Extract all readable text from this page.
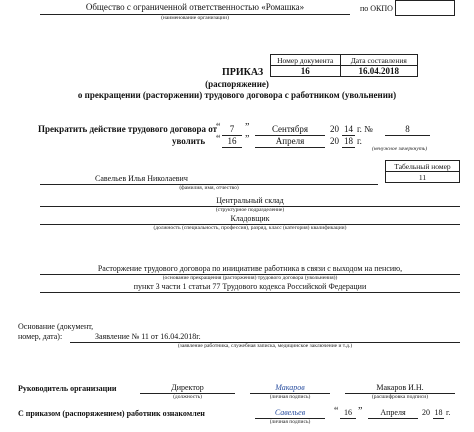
Общество с ограниченной ответственностью «Ромашка»
(наименование организации)
по ОКПО
Номер документа	Дата составления
16	16.04.2018
ПРИКАЗ
(распоряжение)
о прекращении (расторжении) трудового договора с работником (увольнении)
Прекратить действие трудового договора от
“	7	”	Сентября	20 14 г. №	8
уволить “ 16 ”	Апреля	20 18 г.
(ненужное зачеркнуть)
Табельный номер
11
Савельев Илья Николаевич
(фамилия, имя, отчество)
Центральный склад
(структурное подразделение)
Кладовщик
(должность (специальность, профессия), разряд, класс (категория) квалификации)
Расторжение трудового договора по инициативе работника в связи с выходом на пенсию,
(основание прекращения (расторжения) трудового договора (увольнения))
пункт 3 части 1 статьи 77 Трудового кодекса Российской Федерации
Основание (документ,
номер, дата):	Заявление № 11 от 16.04.2018г.
(заявление работника, служебная записка, медицинское заключение и т.д.)
Руководитель организации	Директор
(должность)
Макаров
(личная подпись)
Макаров И.Н.
(расшифровка подписи)
С приказом (распоряжением) работник ознакомлен	Савельев
(личная подпись)
“ 16 ”	Апреля	20 18 г.
